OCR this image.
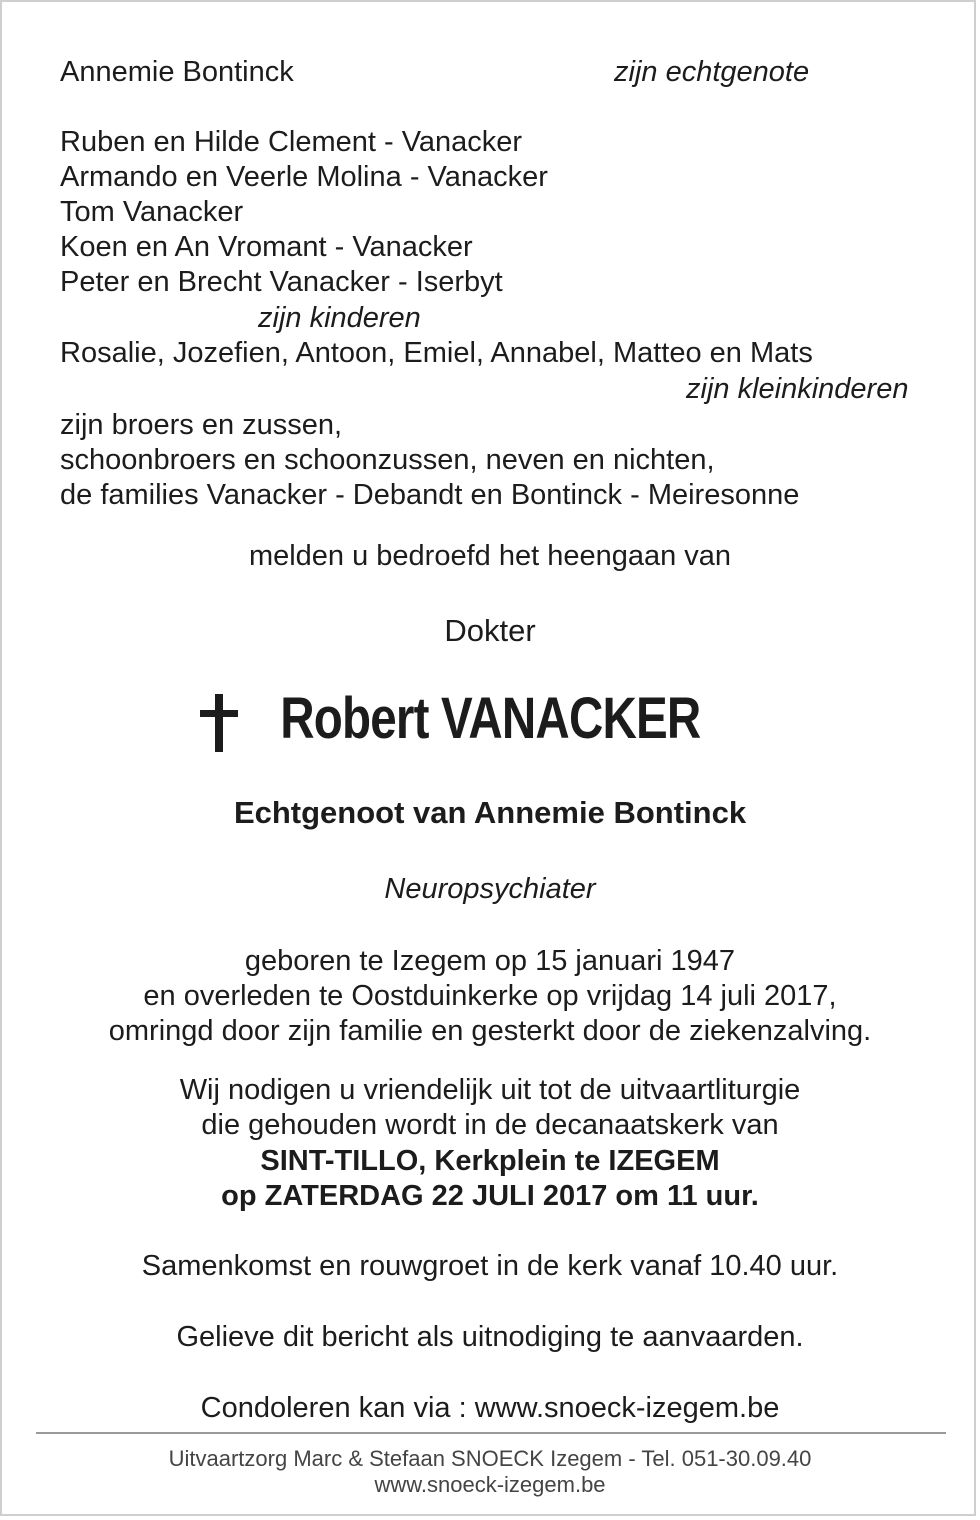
Annemie Bontinck	zijn echtgenote
Ruben en Hilde Clement - Vanacker
Armando en Veerle Molina - Vanacker
Tom Vanacker
Koen en An Vromant - Vanacker
Peter en Brecht Vanacker - Iserbyt
zijn kinderen
Rosalie, Jozefien, Antoon, Emiel, Annabel, Matteo en Mats
zijn kleinkinderen
zijn broers en zussen,
schoonbroers en schoonzussen, neven en nichten,
de families Vanacker - Debandt en Bontinck - Meiresonne
melden u bedroefd het heengaan van
Dokter
Robert VANACKER
Echtgenoot van Annemie Bontinck
Neuropsychiater
geboren te Izegem op 15 januari 1947
en overleden te Oostduinkerke op vrijdag 14 juli 2017,
omringd door zijn familie en gesterkt door de ziekenzalving.
Wij nodigen u vriendelijk uit tot de uitvaartliturgie
die gehouden wordt in de decanaatskerk van
SINT-TILLO, Kerkplein te IZEGEM
op ZATERDAG 22 JULI 2017 om 11 uur.
Samenkomst en rouwgroet in de kerk vanaf 10.40 uur.
Gelieve dit bericht als uitnodiging te aanvaarden.
Condoleren kan via : www.snoeck-izegem.be
Uitvaartzorg Marc & Stefaan SNOECK Izegem - Tel. 051-30.09.40
www.snoeck-izegem.be
